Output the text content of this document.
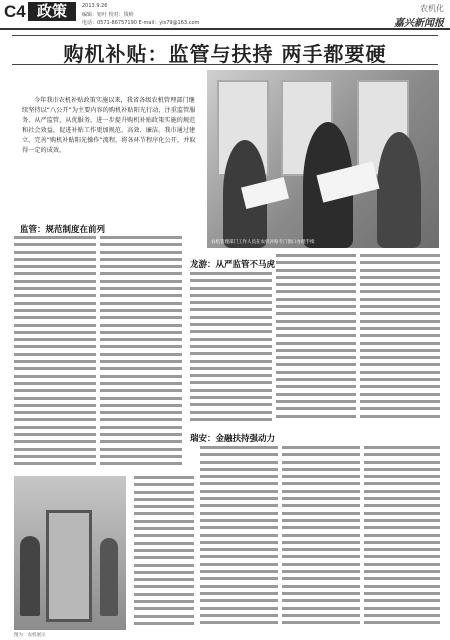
C4 政策	2013.9.26
编辑：钮叶 校对：钱岭
电话：0571-86757190 E-mail：yls79@163.com
农机化
嘉兴新闻报
购机补贴：监管与扶持 两手都要硬
今年我市农机补贴政策实施以来，我省各级农机管理部门继续坚持以“八公开”为主要内容的购机补贴阳光行动，注重监管服务，从严监管，从优服务，进一步提升购机补贴政策实施的规范和社会效益，促进补贴工作更加规范、高效、廉洁。我市通过建立、完善“购机补贴阳光操作”流程，将各环节程序化公开，并取得一定的成效。
农机管理部门工作人员在农机补贴专门窗口办理手续
监管：规范制度在前列
龙游：从严监管不马虎
瑞安：金融扶持强动力
图为：农机展示
